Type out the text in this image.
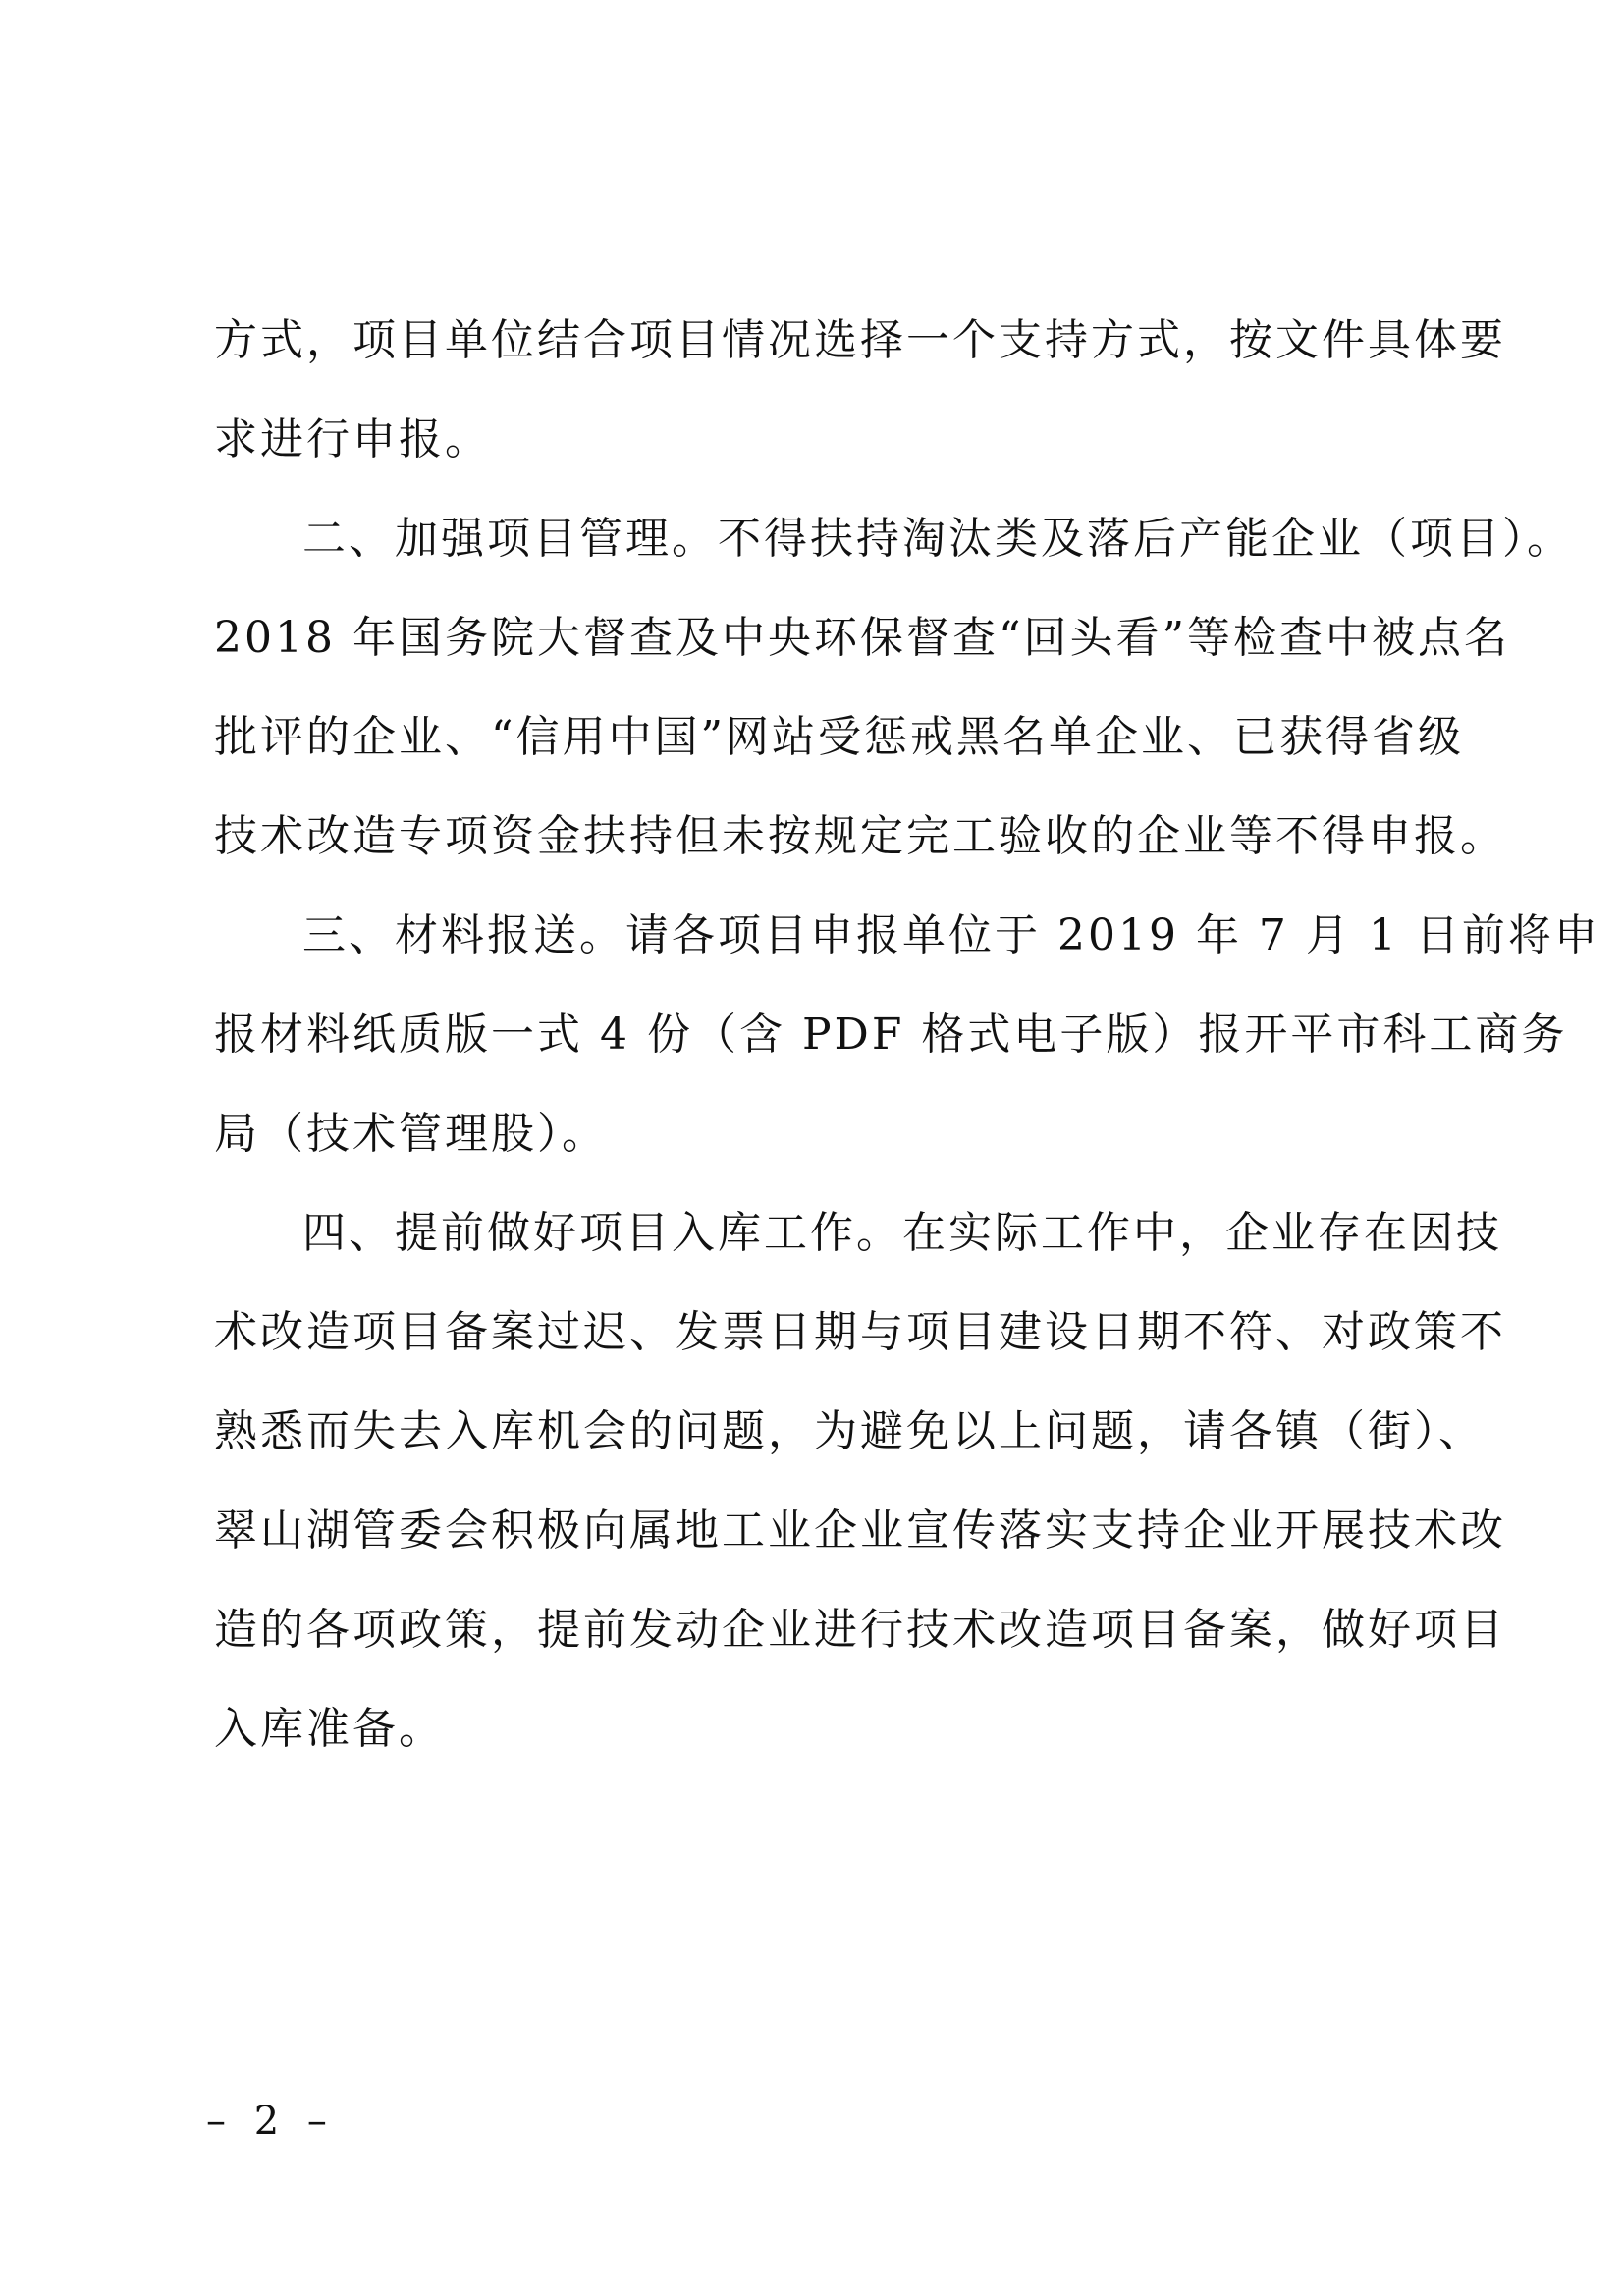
方式，项目单位结合项目情况选择一个支持方式，按文件具体要
求进行申报。
二、加强项目管理。不得扶持淘汰类及落后产能企业（项目）。
2018 年国务院大督查及中央环保督查“回头看”等检查中被点名
批评的企业、“信用中国”网站受惩戒黑名单企业、已获得省级
技术改造专项资金扶持但未按规定完工验收的企业等不得申报。
三、材料报送。请各项目申报单位于 2019 年 7 月 1 日前将申
报材料纸质版一式 4 份（含 PDF 格式电子版）报开平市科工商务
局（技术管理股）。
四、提前做好项目入库工作。在实际工作中，企业存在因技
术改造项目备案过迟、发票日期与项目建设日期不符、对政策不
熟悉而失去入库机会的问题，为避免以上问题，请各镇（街）、
翠山湖管委会积极向属地工业企业宣传落实支持企业开展技术改
造的各项政策，提前发动企业进行技术改造项目备案，做好项目
入库准备。
– 2 –
